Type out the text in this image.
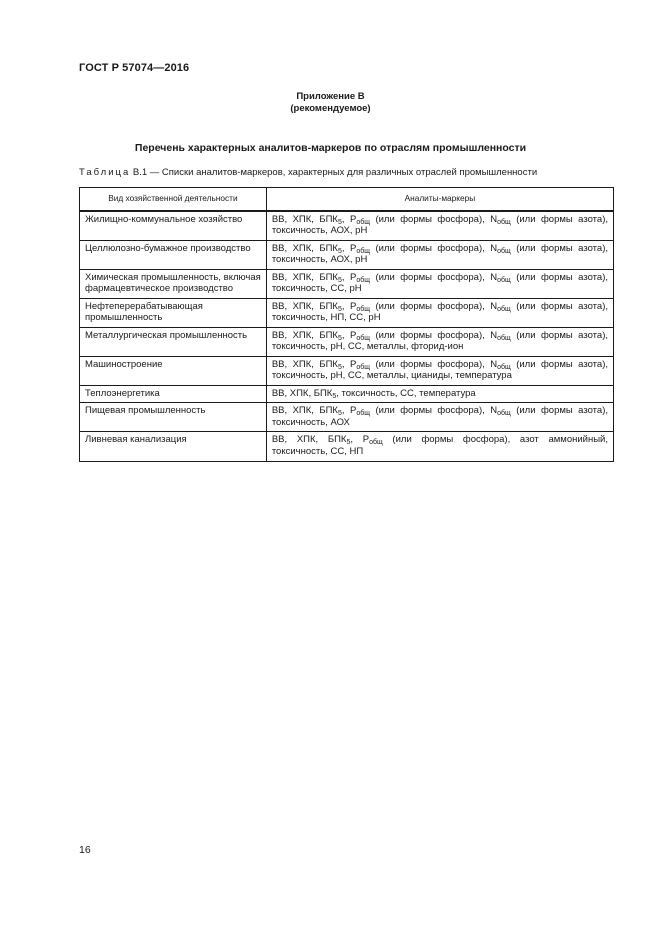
ГОСТ Р 57074—2016
Приложение В
(рекомендуемое)
Перечень характерных аналитов-маркеров по отраслям промышленности
Таблица В.1 — Списки аналитов-маркеров, характерных для различных отраслей промышленности
Вид хозяйственной деятельности	Аналиты-маркеры
Жилищно-коммунальное хозяйство	ВВ, ХПК, $БПК_5$, $Р_{общ}$ (или формы фосфора), $N_{общ}$ (или формы азота), токсичность, АОХ, рН
Целлюлозно-бумажное производство	ВВ, ХПК, $БПК_5$, $Р_{общ}$ (или формы фосфора), $N_{общ}$ (или формы азота), токсичность, АОХ, рН
Химическая промышленность, включая фармацевтическое производство	ВВ, ХПК, $БПК_5$, $Р_{общ}$ (или формы фосфора), $N_{общ}$ (или формы азота), токсичность, СС, рН
Нефтеперерабатывающая промышленность	ВВ, ХПК, $БПК_5$, $Р_{общ}$ (или формы фосфора), $N_{общ}$ (или формы азота), токсичность, НП, СС, рН
Металлургическая промышленность	ВВ, ХПК, $БПК_5$, $Р_{общ}$ (или формы фосфора), $N_{общ}$ (или формы азота), токсичность, рН, СС, металлы, фторид-ион
Машиностроение	ВВ, ХПК, $БПК_5$, $Р_{общ}$ (или формы фосфора), $N_{общ}$ (или формы азота), токсичность, рН, СС, металлы, цианиды, температура
Теплоэнергетика	ВВ, ХПК, $БПК_5$, токсичность, СС, температура
Пищевая промышленность	ВВ, ХПК, $БПК_5$, $Р_{общ}$ (или формы фосфора), $N_{общ}$ (или формы азота), токсичность, АОХ
Ливневая канализация	ВВ, ХПК, $БПК_5$, $Р_{общ}$ (или формы фосфора), азот аммонийный, токсичность, СС, НП
16
